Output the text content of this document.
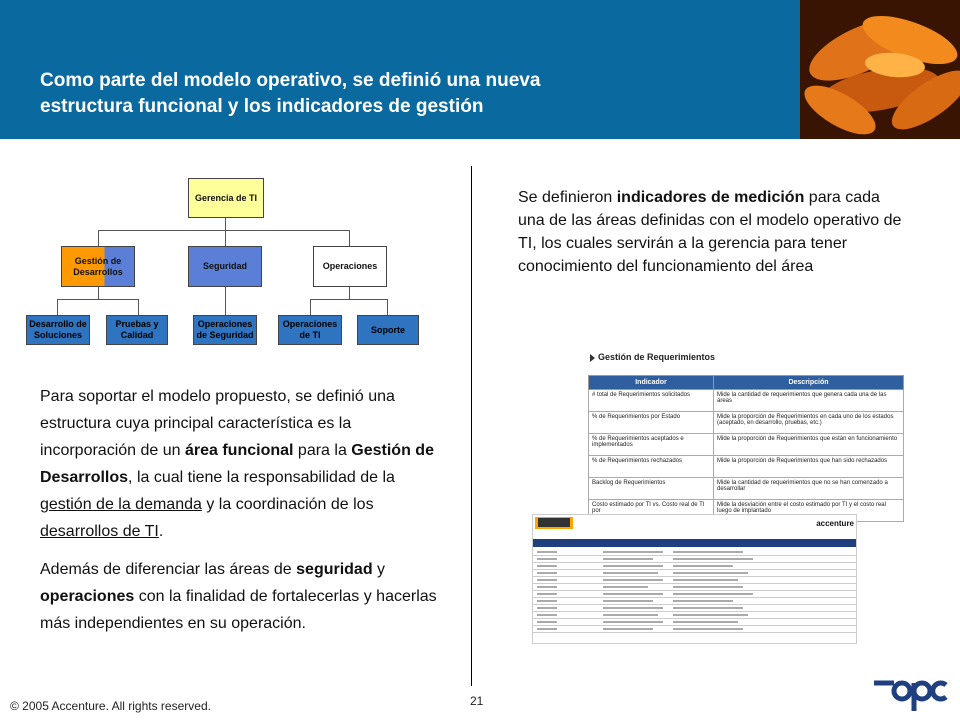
Como parte del modelo operativo, se definió una nueva
estructura funcional y los indicadores de gestión
Gerencia de TI
Gestión de Desarrollos
Seguridad	Operaciones
Desarrollo de Soluciones
Pruebas y Calidad
Operaciones de Seguridad
Operaciones de TI
Soporte
Para soportar el modelo propuesto, se definió una estructura cuya principal característica es la incorporación de un área funcional para la Gestión de Desarrollos, la cual tiene la responsabilidad de la gestión de la demanda y la coordinación de los desarrollos de TI.
Además de diferenciar las áreas de seguridad y operaciones con la finalidad de fortalecerlas y hacerlas más independientes en su operación.
Se definieron indicadores de medición para cada una de las áreas definidas con el modelo operativo de TI, los cuales servirán a la gerencia para tener conocimiento del funcionamiento del área
Gestión de Requerimientos
Indicador	Descripción
# total de Requerimientos solicitados	Mide la cantidad de requerimientos que genera cada una de las áreas
% de Requerimientos por Estado	Mide la proporción de Requerimientos en cada uno de los estados (aceptado, en desarrollo, pruebas, etc.)
% de Requerimientos aceptados e implementados	Mide la proporción de Requerimientos que están en funcionamiento
% de Requerimientos rechazados	Mide la proporción de Requerimientos que han sido rechazados
Backlog de Requerimientos	Mide la cantidad de requerimientos que no se han comenzado a desarrollar
Costo estimado por TI vs. Costo real de TI por	Mide la desviación entre el costo estimado por TI y el costo real luego de implantado
accenture
© 2005 Accenture. All rights reserved.	21
